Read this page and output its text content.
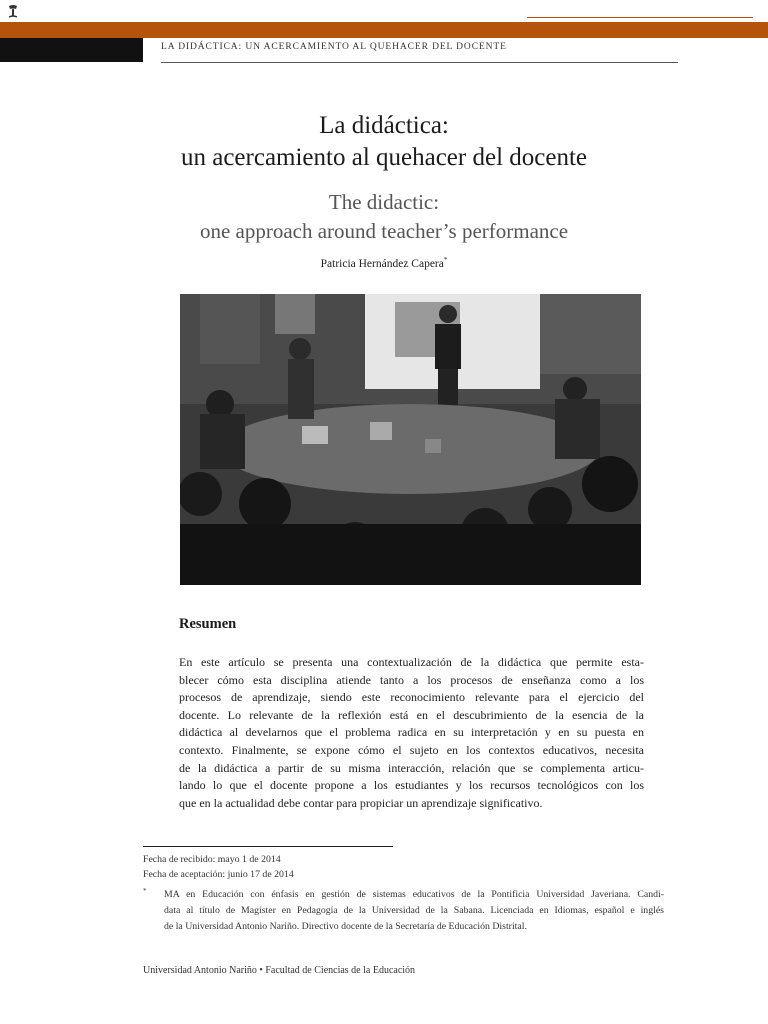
LA DIDÁCTICA: UN ACERCAMIENTO AL QUEHACER DEL DOCENTE
La didáctica:
un acercamiento al quehacer del docente
The didactic:
one approach around teacher’s performance
Patricia Hernández Capera*
Resumen
En este artículo se presenta una contextualización de la didáctica que permite esta-
blecer cómo esta disciplina atiende tanto a los procesos de enseñanza como a los
procesos de aprendizaje, siendo este reconocimiento relevante para el ejercicio del
docente. Lo relevante de la reflexión está en el descubrimiento de la esencia de la
didáctica al develarnos que el problema radica en su interpretación y en su puesta en
contexto. Finalmente, se expone cómo el sujeto en los contextos educativos, necesita
de la didáctica a partir de su misma interacción, relación que se complementa articu-
lando lo que el docente propone a los estudiantes y los recursos tecnológicos con los
que en la actualidad debe contar para propiciar un aprendizaje significativo.
Fecha de recibido: mayo 1 de 2014
Fecha de aceptación: junio 17 de 2014
* MA en Educación con énfasis en gestión de sistemas educativos de la Pontificia Universidad Javeriana. Candi-
data al título de Magíster en Pedagogía de la Universidad de la Sabana. Licenciada en Idiomas, español e inglés
de la Universidad Antonio Nariño. Directivo docente de la Secretaría de Educación Distrital.
Universidad Antonio Nariño • Facultad de Ciencias de la Educación
